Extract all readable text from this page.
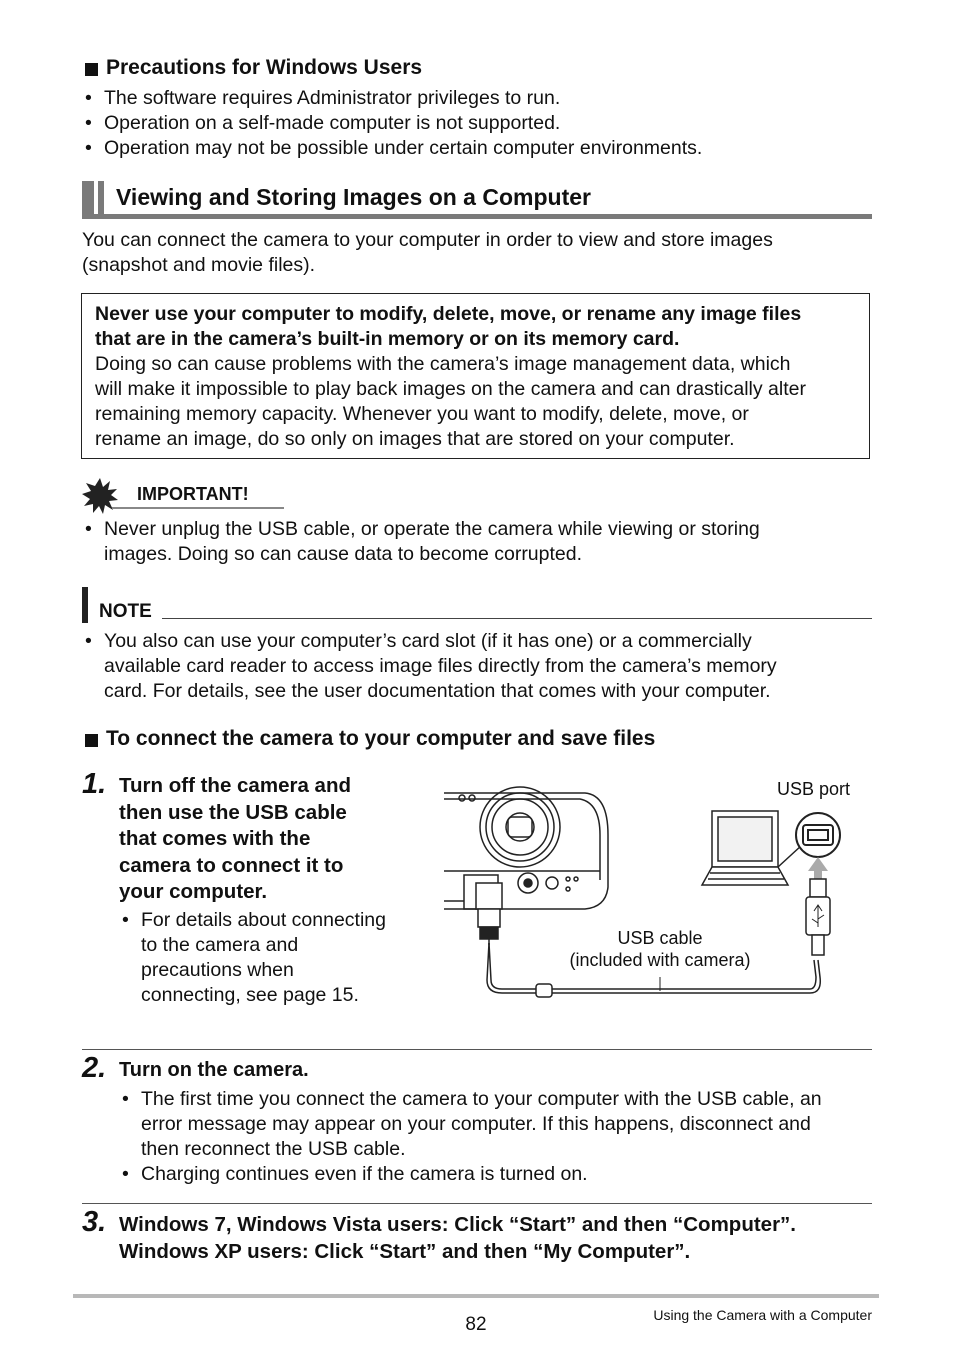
Precautions for Windows Users
• The software requires Administrator privileges to run.
• Operation on a self-made computer is not supported.
• Operation may not be possible under certain computer environments.
Viewing and Storing Images on a Computer
You can connect the camera to your computer in order to view and store images
(snapshot and movie files).
Never use your computer to modify, delete, move, or rename any image files
that are in the camera’s built-in memory or on its memory card.
Doing so can cause problems with the camera’s image management data, which
will make it impossible to play back images on the camera and can drastically alter
remaining memory capacity. Whenever you want to modify, delete, move, or
rename an image, do so only on images that are stored on your computer.
IMPORTANT!
• Never unplug the USB cable, or operate the camera while viewing or storing
images. Doing so can cause data to become corrupted.
NOTE
• You also can use your computer’s card slot (if it has one) or a commercially
available card reader to access image files directly from the camera’s memory
card. For details, see the user documentation that comes with your computer.
To connect the camera to your computer and save files
1. Turn off the camera and
then use the USB cable
that comes with the
camera to connect it to
your computer.
• For details about connecting
to the camera and
precautions when
connecting, see page 15.
USB port
USB cable
(included with camera)
2. Turn on the camera.
• The first time you connect the camera to your computer with the USB cable, an
error message may appear on your computer. If this happens, disconnect and
then reconnect the USB cable.
• Charging continues even if the camera is turned on.
3. Windows 7, Windows Vista users: Click “Start” and then “Computer”.
Windows XP users: Click “Start” and then “My Computer”.
82	Using the Camera with a Computer
